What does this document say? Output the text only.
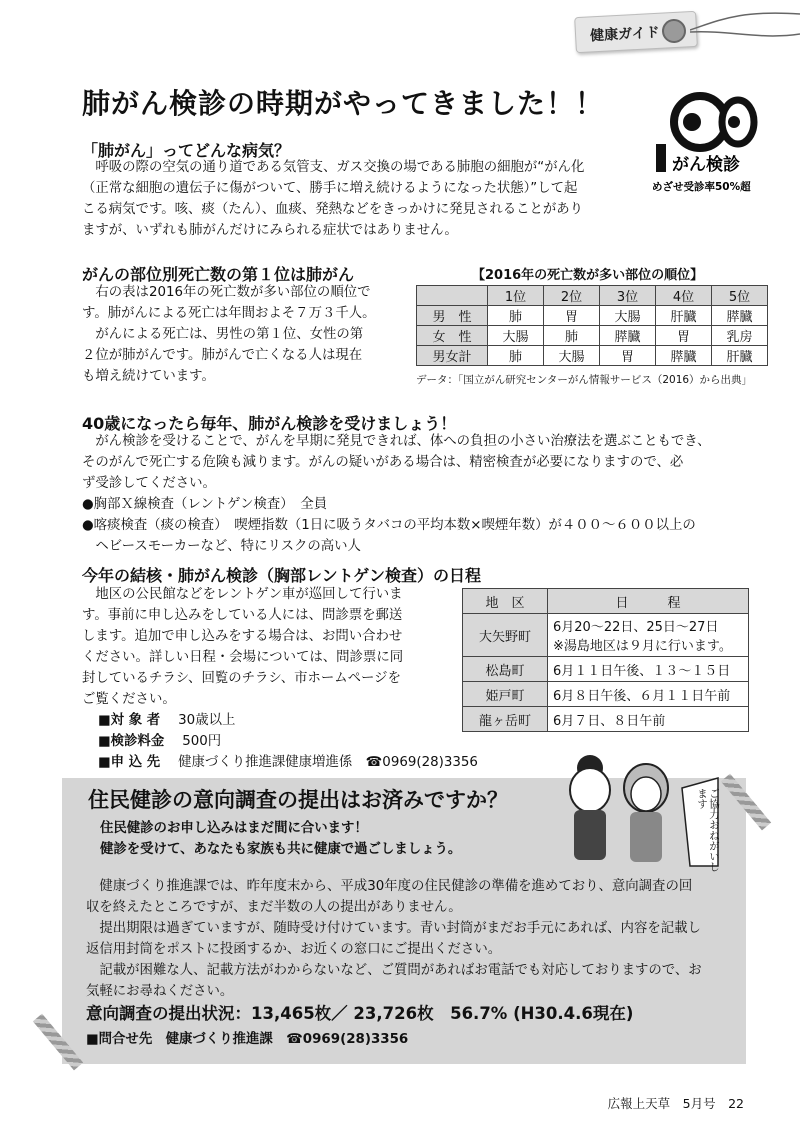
健康ガイド
肺がん検診の時期がやってきました！！
がん検診
めざせ受診率50%超
「肺がん」ってどんな病気？
　呼吸の際の空気の通り道である気管支、ガス交換の場である肺胞の細胞が“がん化
（正常な細胞の遺伝子に傷がついて、勝手に増え続けるようになった状態）”して起
こる病気です。咳、痰（たん）、血痰、発熱などをきっかけに発見されることがあり
ますが、いずれも肺がんだけにみられる症状ではありません。
がんの部位別死亡数の第１位は肺がん
　右の表は2016年の死亡数が多い部位の順位で
す。肺がんによる死亡は年間およそ７万３千人。
　がんによる死亡は、男性の第１位、女性の第
２位が肺がんです。肺がんで亡くなる人は現在
も増え続けています。
【2016年の死亡数が多い部位の順位】
	1位	2位	3位	4位	5位
男　性	肺	胃	大腸	肝臓	膵臓
女　性	大腸	肺	膵臓	胃	乳房
男女計	肺	大腸	胃	膵臓	肝臓
データ：「国立がん研究センターがん情報サービス（2016）から出典」
40歳になったら毎年、肺がん検診を受けましょう！
　がん検診を受けることで、がんを早期に発見できれば、体への負担の小さい治療法を選ぶこともでき、
そのがんで死亡する危険も減ります。がんの疑いがある場合は、精密検査が必要になりますので、必
ず受診してください。
●胸部Ｘ線検査（レントゲン検査）　全員
●喀痰検査（痰の検査）　喫煙指数（1日に吸うタバコの平均本数×喫煙年数）が４００～６００以上の
　ヘビースモーカーなど、特にリスクの高い人
今年の結核・肺がん検診（胸部レントゲン検査）の日程
　地区の公民館などをレントゲン車が巡回して行いま
す。事前に申し込みをしている人には、問診票を郵送
します。追加で申し込みをする場合は、お問い合わせ
ください。詳しい日程・会場については、問診票に同
封しているチラシ、回覧のチラシ、市ホームページを
ご覧ください。
■対 象 者 30歳以上
■検診料金 500円
■申 込 先 健康づくり推進課健康増進係　☎0969(28)3356
地　区	日　　　程
大矢野町	6月20～22日、25日～27日
※湯島地区は９月に行います。

松島町	6月１１日午後、１３～１５日
姫戸町	6月８日午後、６月１１日午前
龍ヶ岳町	6月７日、８日午前
住民健診の意向調査の提出はお済みですか？
住民健診のお申し込みはまだ間に合います！
健診を受けて、あなたも家族も共に健康で過ごしましょう。
　健康づくり推進課では、昨年度末から、平成30年度の住民健診の準備を進めており、意向調査の回
収を終えたところですが、まだ半数の人の提出がありません。
　提出期限は過ぎていますが、随時受け付けています。青い封筒がまだお手元にあれば、内容を記載し
返信用封筒をポストに投函するか、お近くの窓口にご提出ください。
　記載が困難な人、記載方法がわからないなど、ご質問があればお電話でも対応しておりますので、お
気軽にお尋ねください。
意向調査の提出状況：13,465枚／ 23,726枚　56.7% (H30.4.6現在)
■問合せ先　健康づくり推進課　☎0969(28)3356
ご協力おねがいします
広報上天草　5月号　22
